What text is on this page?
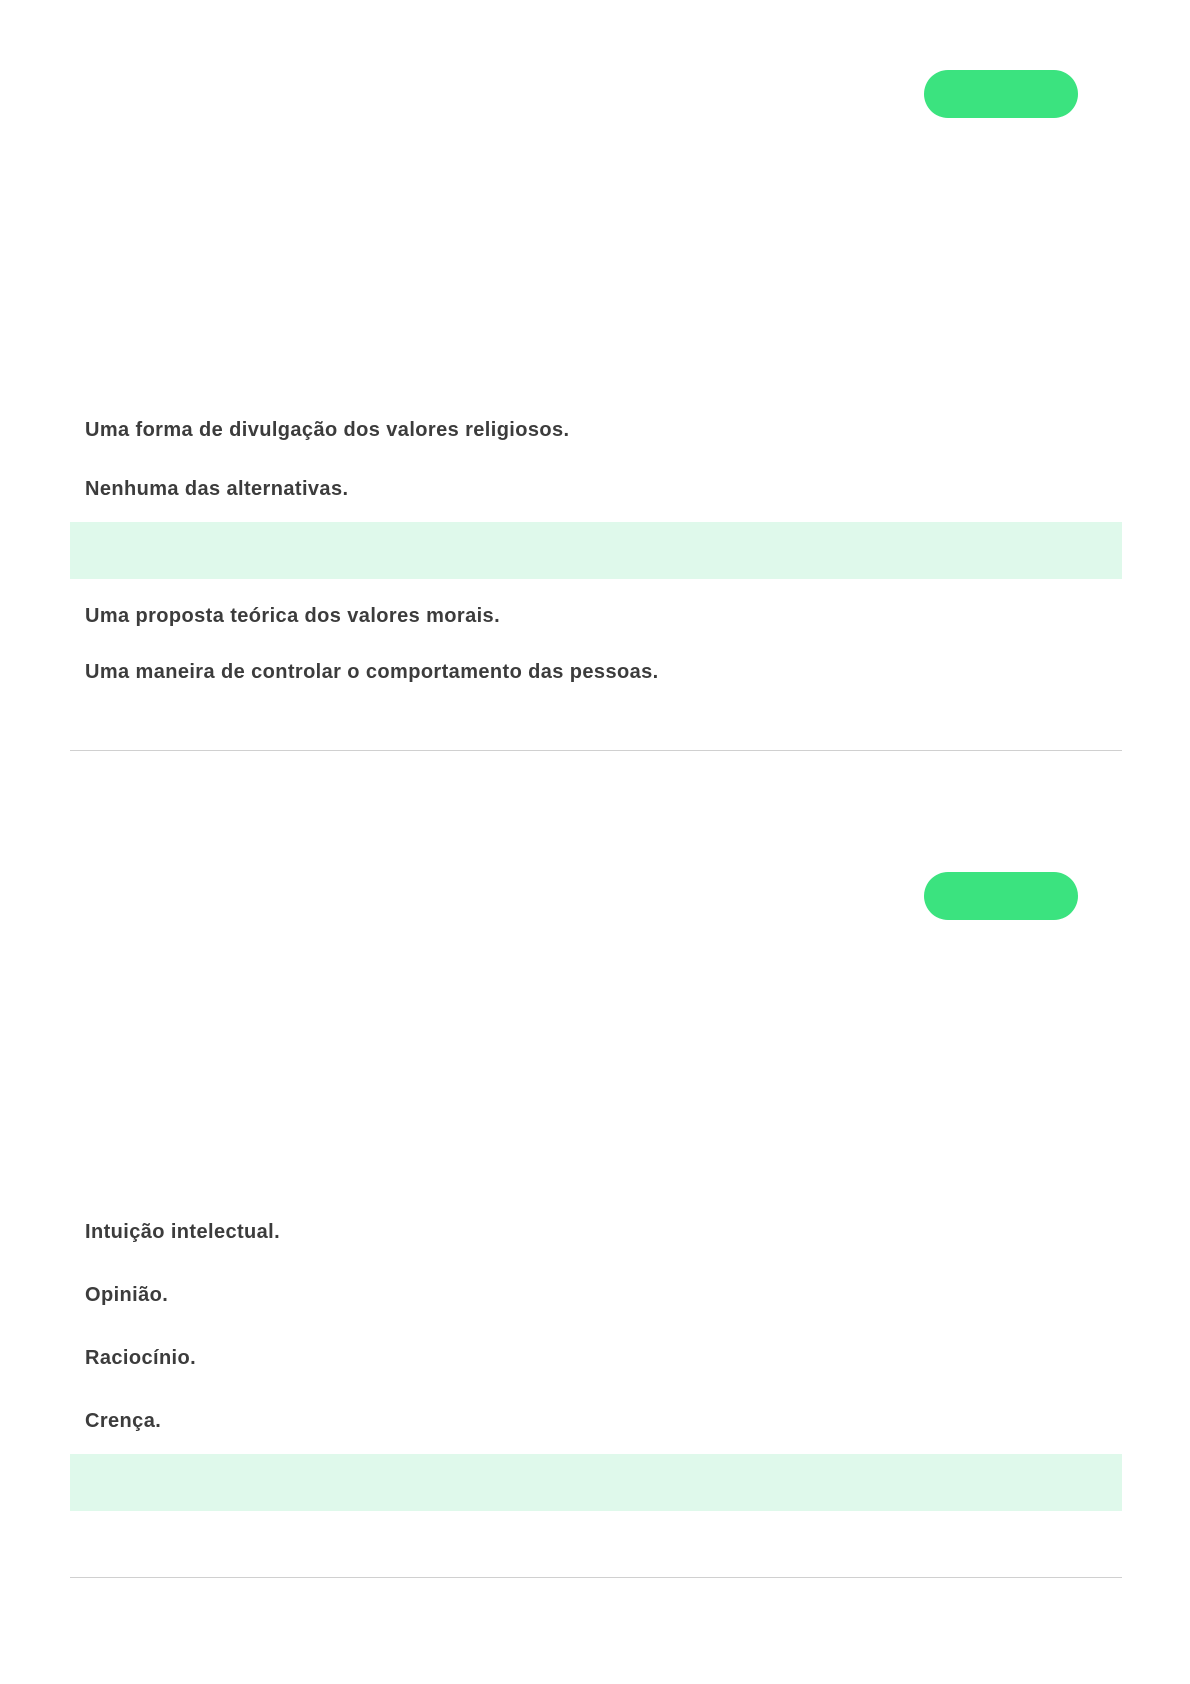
Uma forma de divulgação dos valores religiosos.
Nenhuma das alternativas.
Uma proposta teórica dos valores morais.
Uma maneira de controlar o comportamento das pessoas.
Intuição intelectual.
Opinião.
Raciocínio.
Crença.
